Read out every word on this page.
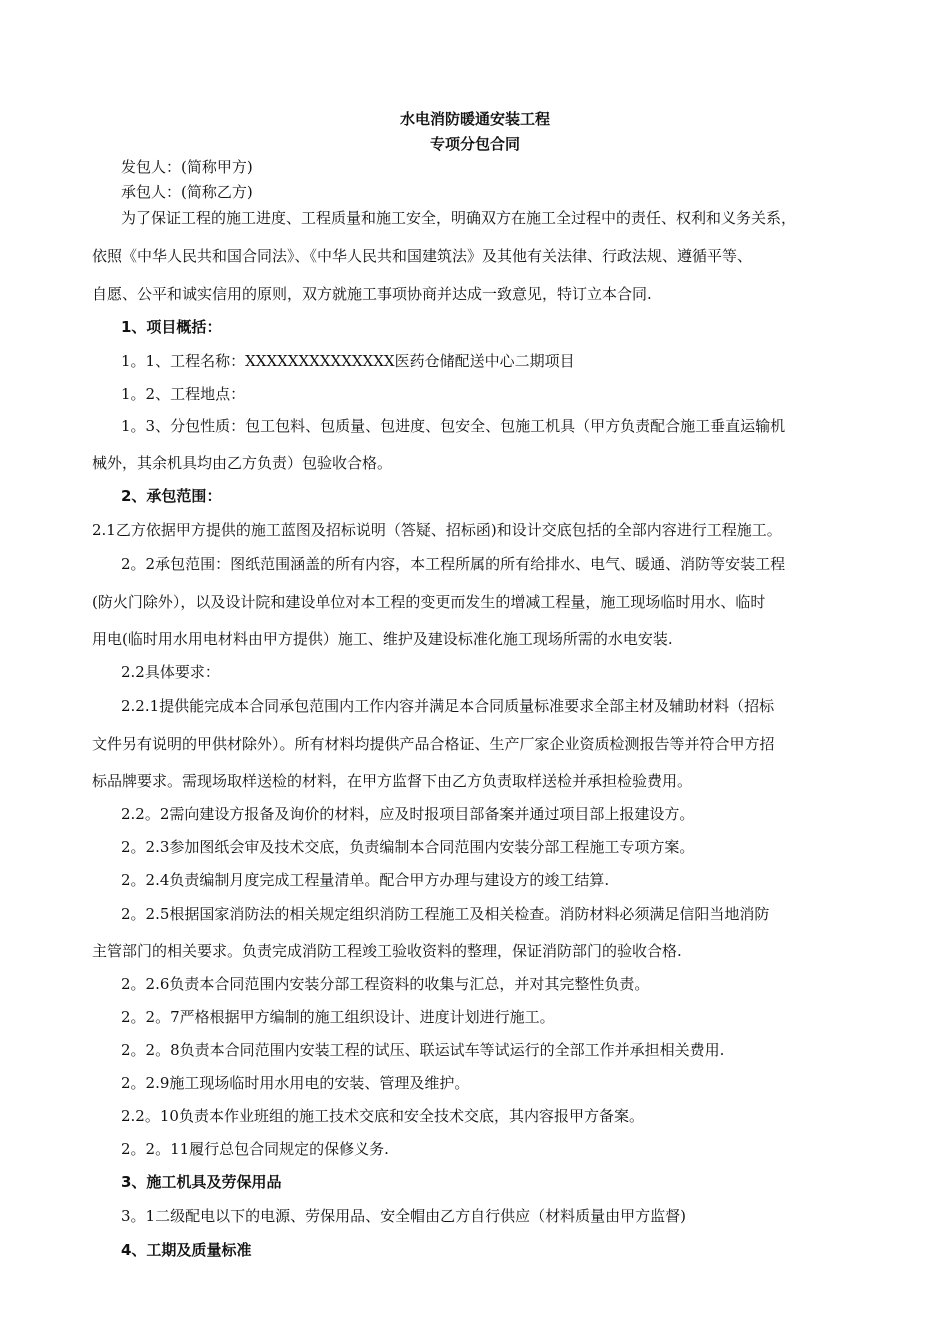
水电消防暖通安装工程
专项分包合同
发包人：(简称甲方)
承包人：(简称乙方)
为了保证工程的施工进度、工程质量和施工安全，明确双方在施工全过程中的责任、权利和义务关系，
依照《中华人民共和国合同法》、《中华人民共和国建筑法》及其他有关法律、行政法规、遵循平等、
自愿、公平和诚实信用的原则，双方就施工事项协商并达成一致意见，特订立本合同.
1、项目概括：
1。1、工程名称：XXXXXXXXXXXXXX医药仓储配送中心二期项目
1。2、工程地点：
1。3、分包性质：包工包料、包质量、包进度、包安全、包施工机具（甲方负责配合施工垂直运输机
械外，其余机具均由乙方负责）包验收合格。
2、承包范围：
2.1乙方依据甲方提供的施工蓝图及招标说明（答疑、招标函)和设计交底包括的全部内容进行工程施工。
2。2承包范围：图纸范围涵盖的所有内容，本工程所属的所有给排水、电气、暖通、消防等安装工程
(防火门除外），以及设计院和建设单位对本工程的变更而发生的增减工程量，施工现场临时用水、临时
用电(临时用水用电材料由甲方提供）施工、维护及建设标准化施工现场所需的水电安装.
2.2具体要求：
2.2.1提供能完成本合同承包范围内工作内容并满足本合同质量标准要求全部主材及辅助材料（招标
文件另有说明的甲供材除外）。所有材料均提供产品合格证、生产厂家企业资质检测报告等并符合甲方招
标品牌要求。需现场取样送检的材料，在甲方监督下由乙方负责取样送检并承担检验费用。
2.2。2需向建设方报备及询价的材料，应及时报项目部备案并通过项目部上报建设方。
2。2.3参加图纸会审及技术交底，负责编制本合同范围内安装分部工程施工专项方案。
2。2.4负责编制月度完成工程量清单。配合甲方办理与建设方的竣工结算.
2。2.5根据国家消防法的相关规定组织消防工程施工及相关检查。消防材料必须满足信阳当地消防
主管部门的相关要求。负责完成消防工程竣工验收资料的整理，保证消防部门的验收合格.
2。2.6负责本合同范围内安装分部工程资料的收集与汇总，并对其完整性负责。
2。2。7严格根据甲方编制的施工组织设计、进度计划进行施工。
2。2。8负责本合同范围内安装工程的试压、联运试车等试运行的全部工作并承担相关费用.
2。2.9施工现场临时用水用电的安装、管理及维护。
2.2。10负责本作业班组的施工技术交底和安全技术交底，其内容报甲方备案。
2。2。11履行总包合同规定的保修义务.
3、施工机具及劳保用品
3。1二级配电以下的电源、劳保用品、安全帽由乙方自行供应（材料质量由甲方监督)
4、工期及质量标准
